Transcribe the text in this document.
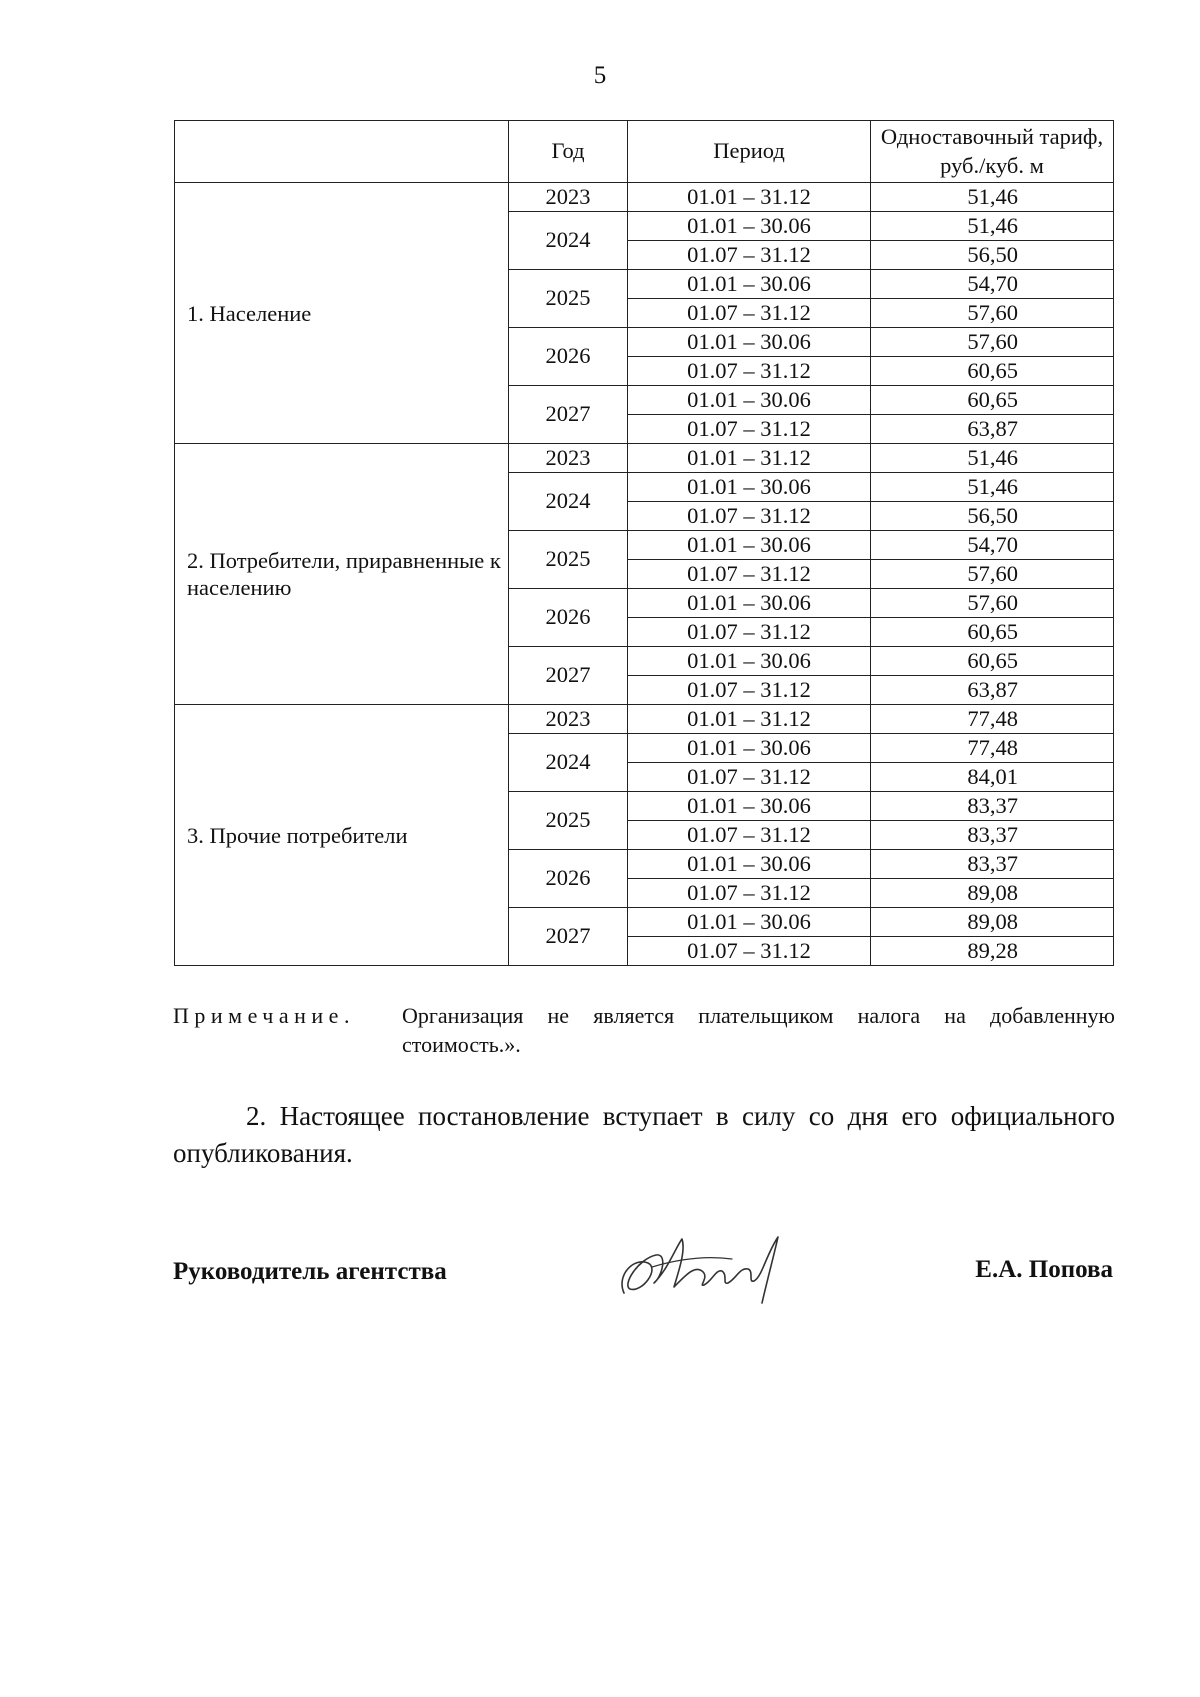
5
	Год	Период	Одноставочный тариф, руб./куб. м
1. Население	2023	01.01 – 31.12	51,46
	2024	01.01 – 30.06	51,46
		01.07 – 31.12	56,50
	2025	01.01 – 30.06	54,70
		01.07 – 31.12	57,60
	2026	01.01 – 30.06	57,60
		01.07 – 31.12	60,65
	2027	01.01 – 30.06	60,65
		01.07 – 31.12	63,87
2. Потребители, приравненные к населению	2023	01.01 – 31.12	51,46
	2024	01.01 – 30.06	51,46
		01.07 – 31.12	56,50
	2025	01.01 – 30.06	54,70
		01.07 – 31.12	57,60
	2026	01.01 – 30.06	57,60
		01.07 – 31.12	60,65
	2027	01.01 – 30.06	60,65
		01.07 – 31.12	63,87
3. Прочие потребители	2023	01.01 – 31.12	77,48
	2024	01.01 – 30.06	77,48
		01.07 – 31.12	84,01
	2025	01.01 – 30.06	83,37
		01.07 – 31.12	83,37
	2026	01.01 – 30.06	83,37
		01.07 – 31.12	89,08
	2027	01.01 – 30.06	89,08
		01.07 – 31.12	89,28
Примечание. Организация не является плательщиком налога на добавленную стоимость.».
2. Настоящее постановление вступает в силу со дня его официального опубликования.
Руководитель агентства	Е.А. Попова
